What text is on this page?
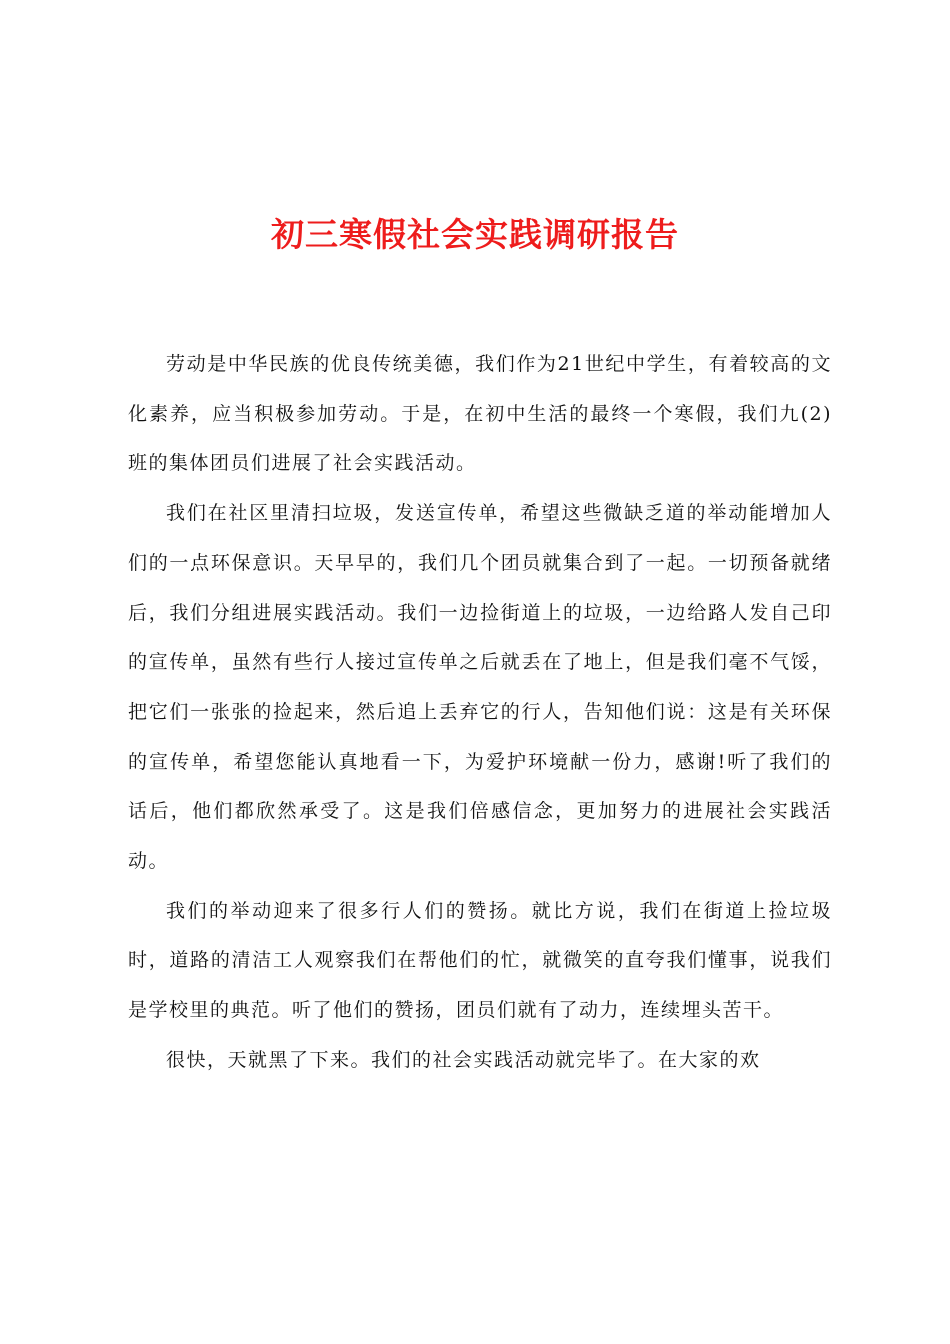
初三寒假社会实践调研报告

劳动是中华民族的优良传统美德，我们作为21世纪中学生，有着较高的文化素养，应当积极参加劳动。于是，在初中生活的最终一个寒假，我们九(2)班的集体团员们进展了社会实践活动。

我们在社区里清扫垃圾，发送宣传单，希望这些微缺乏道的举动能增加人们的一点环保意识。天早早的，我们几个团员就集合到了一起。一切预备就绪后，我们分组进展实践活动。我们一边捡街道上的垃圾，一边给路人发自己印的宣传单，虽然有些行人接过宣传单之后就丢在了地上，但是我们毫不气馁，把它们一张张的捡起来，然后追上丢弃它的行人，告知他们说：这是有关环保的宣传单，希望您能认真地看一下，为爱护环境献一份力，感谢!听了我们的话后，他们都欣然承受了。这是我们倍感信念，更加努力的进展社会实践活动。

我们的举动迎来了很多行人们的赞扬。就比方说，我们在街道上捡垃圾时，道路的清洁工人观察我们在帮他们的忙，就微笑的直夸我们懂事，说我们是学校里的典范。听了他们的赞扬，团员们就有了动力，连续埋头苦干。

很快，天就黑了下来。我们的社会实践活动就完毕了。在大家的欢
